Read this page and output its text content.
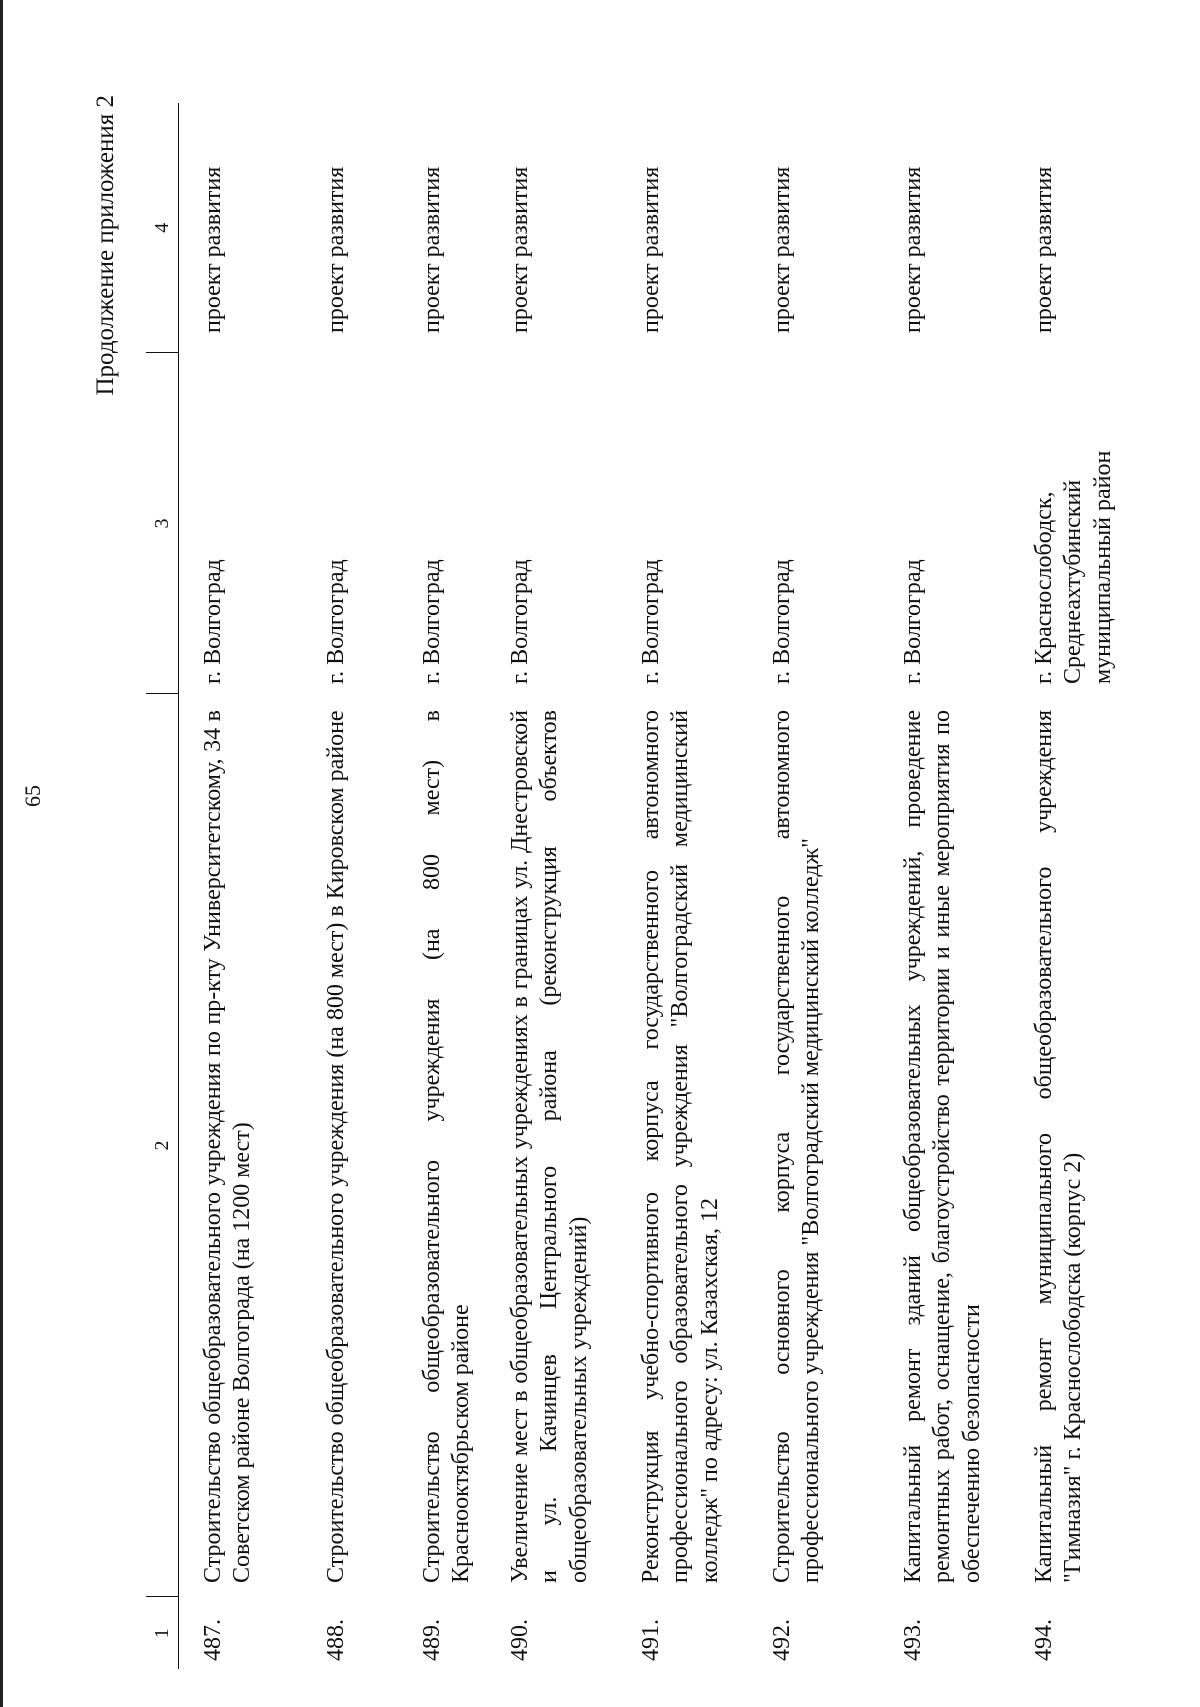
65
Продолжение приложения 2
1	2	3	4
487.	Строительство общеобразовательного учреждения по пр-кту Университетскому, 34 в Советском районе Волгограда (на 1200 мест)	г. Волгоград	проект развития
488.	Строительство общеобразовательного учреждения (на 800 мест) в Кировском районе	г. Волгоград	проект развития
489.	Строительство общеобразовательного учреждения (на 800 мест) в Краснооктябрьском районе	г. Волгоград	проект развития
490.	Увеличение мест в общеобразовательных учреждениях в границах ул. Днестровской и ул. Качинцев Центрального района (реконструкция объектов общеобразовательных учреждений)	г. Волгоград	проект развития
491.	Реконструкция учебно-спортивного корпуса государственного автономного профессионального образовательного учреждения "Волгоградский медицинский колледж" по адресу: ул. Казахская, 12	г. Волгоград	проект развития
492.	Строительство основного корпуса государственного автономного профессионального учреждения "Волгоградский медицинский колледж"	г. Волгоград	проект развития
493.	Капитальный ремонт зданий общеобразовательных учреждений, проведение ремонтных работ, оснащение, благоустройство территории и иные мероприятия по обеспечению безопасности	г. Волгоград	проект развития
494.	Капитальный ремонт муниципального общеобразовательного учреждения "Гимназия" г. Краснослободска (корпус 2)	г. Краснослободск, Среднеахтубинский муниципальный район	проект развития
